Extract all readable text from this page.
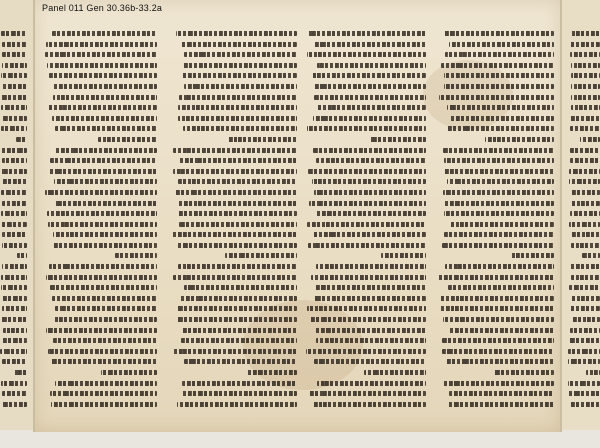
Panel 011 Gen 30.36b-33.2a
